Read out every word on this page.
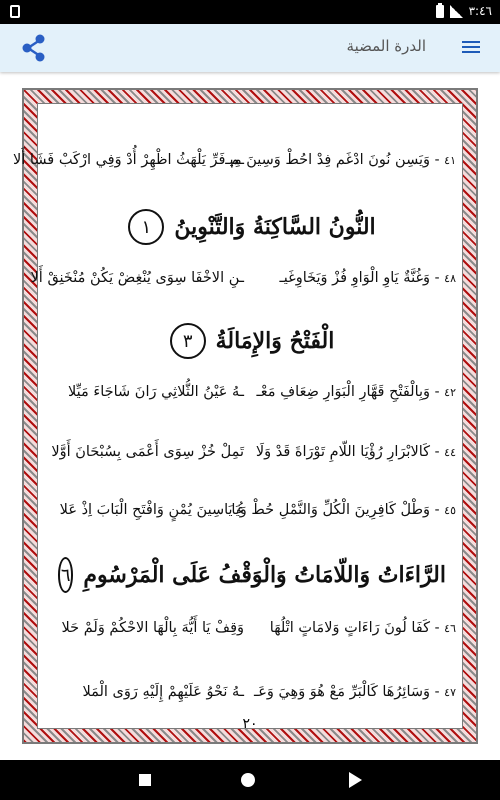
٣:٤٦
الدرة المضية
٤١ - وَيَسِن نُونَ ادْغَم فِدْ احُطْ وَسِينَ مِيـ
ـم فَرِّ يَلْهَثُ اظْهِرْ أُدْ وَفِي ارْكَبْ فَشَا أَلا
النُّونُ السَّاكِنَةُ وَالتَّنْوِينُ
١
٤٨ - وَغُنَّةٌ يَاوِ الْوَاوِ فُزْ وَيَخَاوِغَيـ
ـنِ الاخْفَا سِوَى يُنْغِضْ يَكُنْ مُنْخَنِقْ أَلا
الْفَتْحُ وَالإِمَالَةُ
٣
٤٢ - وَبِالْفَتْحِ قَهَّارِ الْبَوَارِ ضِعَافِ مَعْـ
ـهُ عَيْنُ الثُّلاثِي رَانَ شَاجَاءَ مَيِّلا
٤٤ - كَالابْرَارِ رُؤْيَا اللّامِ تَوْرَاةَ قَدْ وَلَا
تَمِلْ خُزْ سِوَى أَعْمَى بِسُبْحَانَ أَوَّلا
٤٥ - وَطْلْ كَافِرِينَ الْكُلِّ وَالنَّمْلِ حُطْ وَيَا
ءُ يَاسِينَ يُمْنٍ وَافْتَحِ الْبَابَ اِذْ عَلا
الرَّاءَاتُ وَاللّامَاتُ وَالْوَقْفُ عَلَى الْمَرْسُومِ
٦
٤٦ - كَفَا لُونَ رَاءَاتٍ وَلامَاتٍ اتْلُهَا
وَقِفْ يَا أَيُّهَ بِالْهَا الاحْكُمْ وَلَمْ حَلا
٤٧ - وَسَائِرُهَا كَالْبَرِّ مَعْ هُوَ وَهِيَ وَعَـ
ـهُ نَحْوُ عَلَيْهِمْ إِلَيْهِ رَوَى الْمَلا
٢٠
